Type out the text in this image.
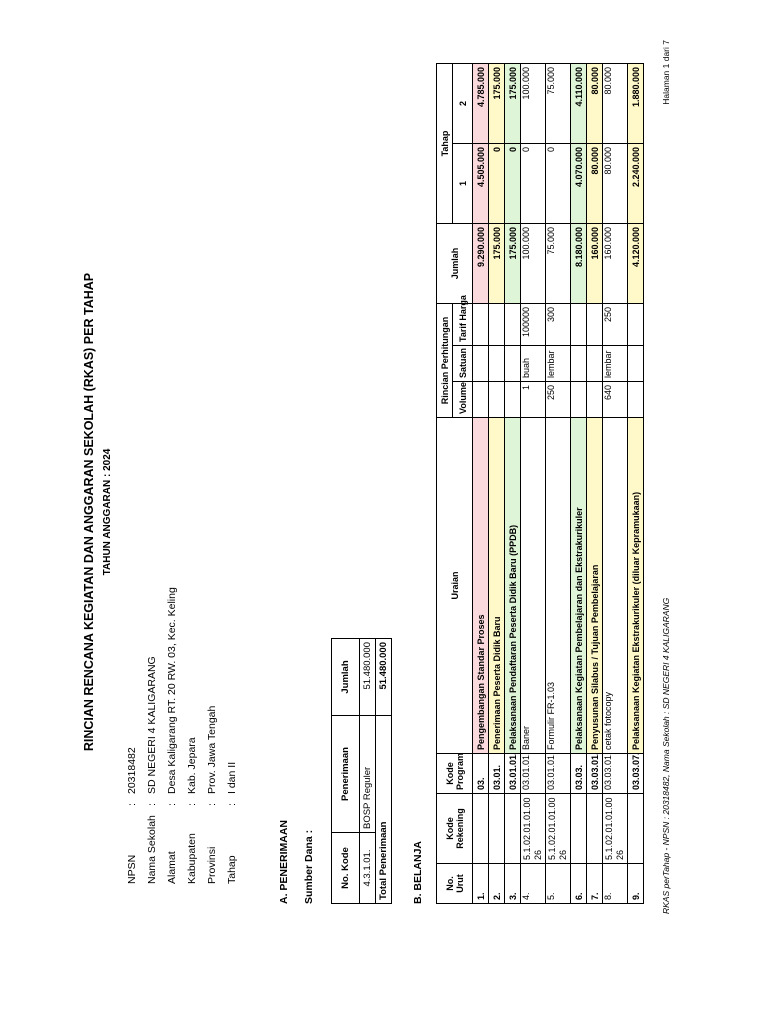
RINCIAN RENCANA KEGIATAN DAN ANGGARAN SEKOLAH (RKAS) PER TAHAP TAHUN ANGGARAN : 2024
NPSN:20318482
Nama Sekolah:SD NEGERI 4 KALIGARANG
Alamat:Desa Kaligarang RT. 20 RW. 03, Kec. Keling
Kabupaten:Kab. Jepara
Provinsi:Prov. Jawa Tengah
Tahap:I dan II
A. PENERIMAAN Sumber Dana :	No. Kode	Penerimaan	Jumlah
4.3.1.01.	BOSP Reguler	51.480.000
Total Penerimaan		51.480.000
B. BELANJA No. Urut	Kode Rekening	Kode Program	Uraian	Rincian Perhitungan			Jumlah	Tahap	
				Volume	Satuan	Tarif Harga		1	2
1.		03.	Pengembangan Standar Proses				9.290.000	4.505.000	4.785.000
2.		03.01.	Penerimaan Peserta Didik Baru				175.000	0	175.000
3.		03.01.01.	Pelaksanaan Pendaftaran Peserta Didik Baru (PPDB)				175.000	0	175.000
4.	5.1.02.01.01.0026	03.01.01.	Baner	1	buah	100000	100.000	0	100.000
5.	5.1.02.01.01.0026	03.01.01.	Formulir FR-1.03	250	lembar	300	75.000	0	75.000
6.		03.03.	Pelaksanaan Kegiatan Pembelajaran dan Ekstrakurikuler				8.180.000	4.070.000	4.110.000
7.		03.03.01.	Penyusunan Silabus / Tujuan Pembelajaran				160.000	80.000	80.000
8.	5.1.02.01.01.0026	03.03.01.	cetak fotocopy	640	lembar	250	160.000	80.000	80.000
9.		03.03.07.	Pelaksanaan Kegiatan Ekstrakurikuler (diluar Kepramukaan)				4.120.000	2.240.000	1.880.000
RKAS perTahap - NPSN : 20318482, Nama Sekolah : SD NEGERI 4 KALIGARANG
Halaman 1 dari 7
